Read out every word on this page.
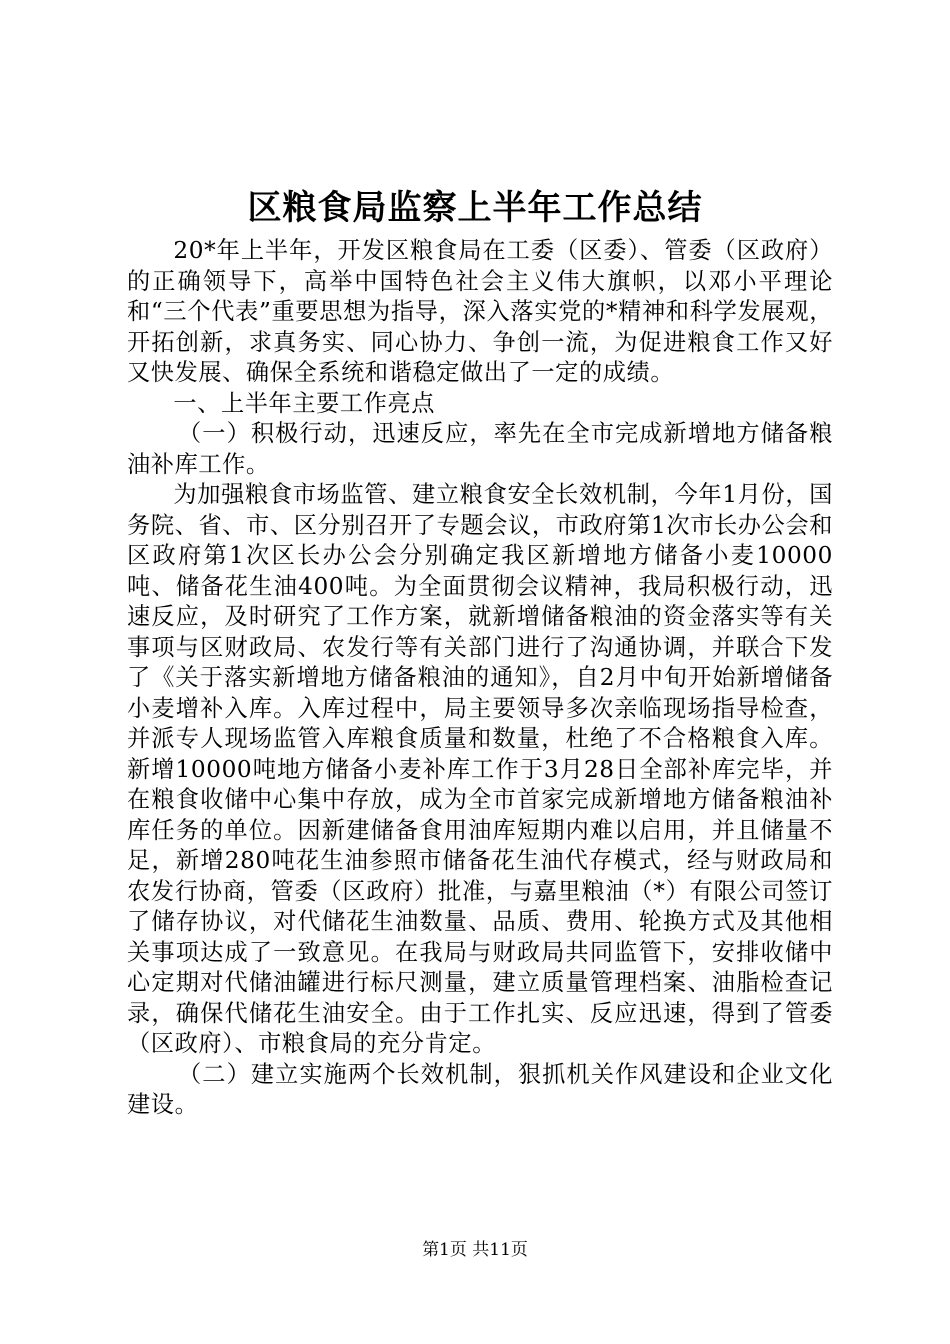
区粮食局监察上半年工作总结

20*年上半年，开发区粮食局在工委（区委）、管委（区政府）的正确领导下，高举中国特色社会主义伟大旗帜，以邓小平理论和“三个代表”重要思想为指导，深入落实党的*精神和科学发展观，开拓创新，求真务实、同心协力、争创一流，为促进粮食工作又好又快发展、确保全系统和谐稳定做出了一定的成绩。

一、上半年主要工作亮点

（一）积极行动，迅速反应，率先在全市完成新增地方储备粮油补库工作。

为加强粮食市场监管、建立粮食安全长效机制，今年1月份，国务院、省、市、区分别召开了专题会议，市政府第1次市长办公会和区政府第1次区长办公会分别确定我区新增地方储备小麦10000吨、储备花生油400吨。为全面贯彻会议精神，我局积极行动，迅速反应，及时研究了工作方案，就新增储备粮油的资金落实等有关事项与区财政局、农发行等有关部门进行了沟通协调，并联合下发了《关于落实新增地方储备粮油的通知》，自2月中旬开始新增储备小麦增补入库。入库过程中，局主要领导多次亲临现场指导检查，并派专人现场监管入库粮食质量和数量，杜绝了不合格粮食入库。新增10000吨地方储备小麦补库工作于3月28日全部补库完毕，并在粮食收储中心集中存放，成为全市首家完成新增地方储备粮油补库任务的单位。因新建储备食用油库短期内难以启用，并且储量不足，新增280吨花生油参照市储备花生油代存模式，经与财政局和农发行协商，管委（区政府）批准，与嘉里粮油（*）有限公司签订了储存协议，对代储花生油数量、品质、费用、轮换方式及其他相关事项达成了一致意见。在我局与财政局共同监管下，安排收储中心定期对代储油罐进行标尺测量，建立质量管理档案、油脂检查记录，确保代储花生油安全。由于工作扎实、反应迅速，得到了管委（区政府）、市粮食局的充分肯定。

（二）建立实施两个长效机制，狠抓机关作风建设和企业文化建设。

第1页 共11页
